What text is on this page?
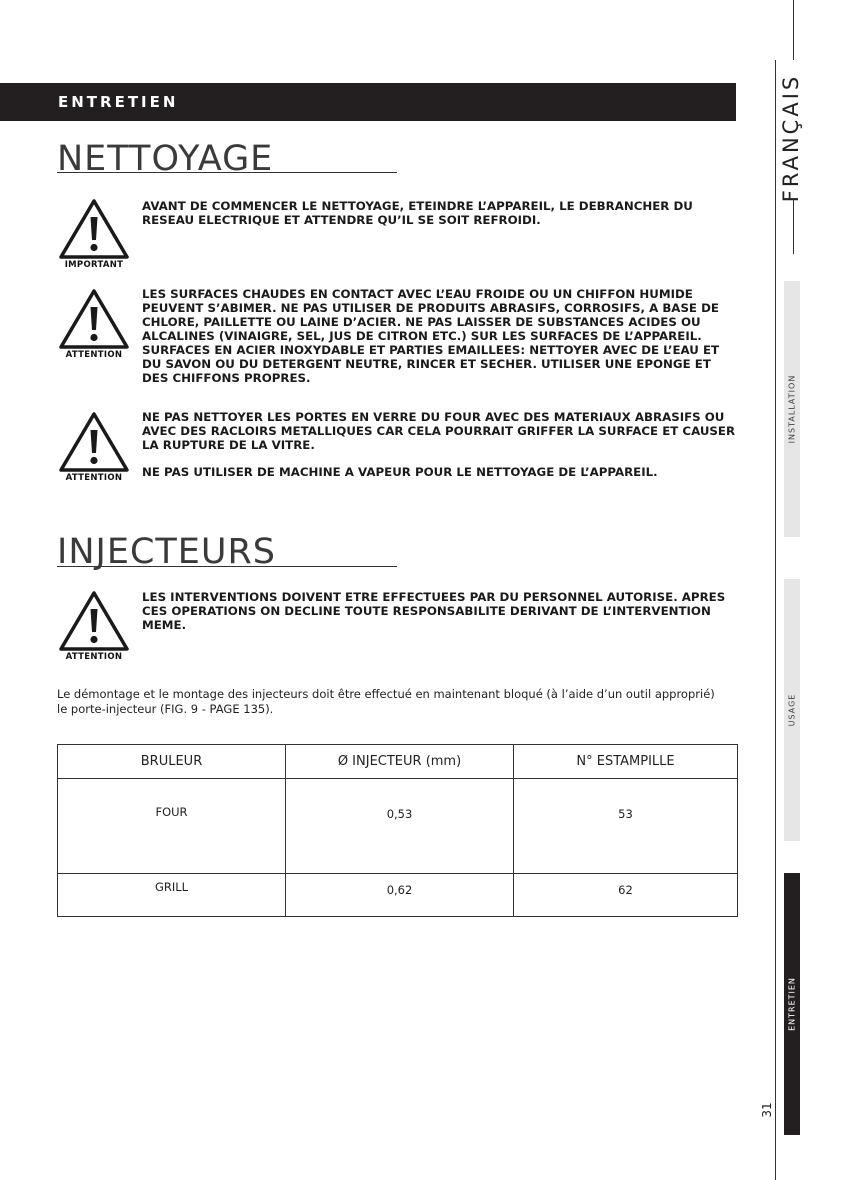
ENTRETIEN
NETTOYAGE
IMPORTANT

AVANT DE COMMENCER LE NETTOYAGE, ETEINDRE L’APPAREIL, LE DEBRANCHER DU RESEAU ELECTRIQUE ET ATTENDRE QU’IL SE SOIT REFROIDI.

ATTENTION

LES SURFACES CHAUDES EN CONTACT AVEC L’EAU FROIDE OU UN CHIFFON HUMIDE PEUVENT S’ABIMER. NE PAS UTILISER DE PRODUITS ABRASIFS, CORROSIFS, A BASE DE CHLORE, PAILLETTE OU LAINE D’ACIER. NE PAS LAISSER DE SUBSTANCES ACIDES OU ALCALINES (VINAIGRE, SEL, JUS DE CITRON ETC.) SUR LES SURFACES DE L’APPAREIL. SURFACES EN ACIER INOXYDABLE ET PARTIES EMAILLEES: NETTOYER AVEC DE L’EAU ET DU SAVON OU DU DETERGENT NEUTRE, RINCER ET SECHER. UTILISER UNE EPONGE ET DES CHIFFONS PROPRES.

ATTENTION

NE PAS NETTOYER LES PORTES EN VERRE DU FOUR AVEC DES MATERIAUX ABRASIFS OU AVEC DES RACLOIRS METALLIQUES CAR CELA POURRAIT GRIFFER LA SURFACE ET CAUSER LA RUPTURE DE LA VITRE.

NE PAS UTILISER DE MACHINE A VAPEUR POUR LE NETTOYAGE DE L’APPAREIL.

INJECTEURS
ATTENTION

LES INTERVENTIONS DOIVENT ETRE EFFECTUEES PAR DU PERSONNEL AUTORISE. APRES CES OPERATIONS ON DECLINE TOUTE RESPONSABILITE DERIVANT DE L’INTERVENTION MEME.

Le démontage et le montage des injecteurs doit être effectué en maintenant bloqué (à l’aide d’un outil approprié) le porte-injecteur (FIG. 9 - PAGE 135).

BRULEUR	Ø INJECTEUR (mm)	N° ESTAMPILLE
FOUR	0,53	53
GRILL	0,62	62
FRANÇAIS
INSTALLATION
USAGE
ENTRETIEN
31
